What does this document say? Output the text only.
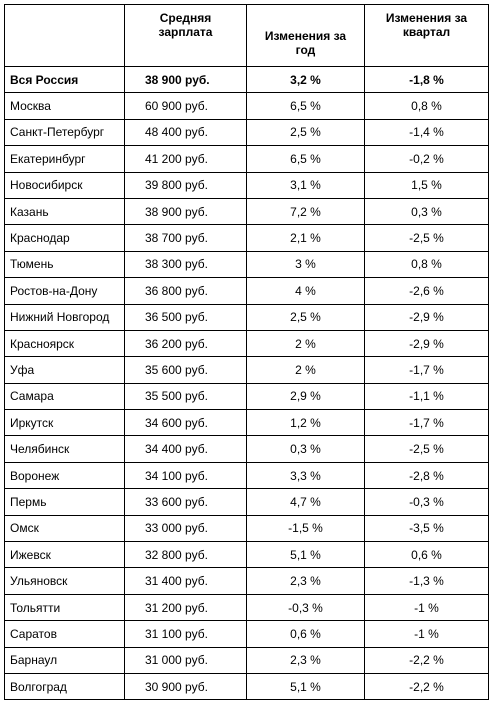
	Средняя зарплата	Изменения за год	Изменения за квартал
Вся Россия	38 900 руб.	3,2 %	-1,8 %
Москва	60 900 руб.	6,5 %	0,8 %
Санкт-Петербург	48 400 руб.	2,5 %	-1,4 %
Екатеринбург	41 200 руб.	6,5 %	-0,2 %
Новосибирск	39 800 руб.	3,1 %	1,5 %
Казань	38 900 руб.	7,2 %	0,3 %
Краснодар	38 700 руб.	2,1 %	-2,5 %
Тюмень	38 300 руб.	3 %	0,8 %
Ростов-на-Дону	36 800 руб.	4 %	-2,6 %
Нижний Новгород	36 500 руб.	2,5 %	-2,9 %
Красноярск	36 200 руб.	2 %	-2,9 %
Уфа	35 600 руб.	2 %	-1,7 %
Самара	35 500 руб.	2,9 %	-1,1 %
Иркутск	34 600 руб.	1,2 %	-1,7 %
Челябинск	34 400 руб.	0,3 %	-2,5 %
Воронеж	34 100 руб.	3,3 %	-2,8 %
Пермь	33 600 руб.	4,7 %	-0,3 %
Омск	33 000 руб.	-1,5 %	-3,5 %
Ижевск	32 800 руб.	5,1 %	0,6 %
Ульяновск	31 400 руб.	2,3 %	-1,3 %
Тольятти	31 200 руб.	-0,3 %	-1 %
Саратов	31 100 руб.	0,6 %	-1 %
Барнаул	31 000 руб.	2,3 %	-2,2 %
Волгоград	30 900 руб.	5,1 %	-2,2 %
